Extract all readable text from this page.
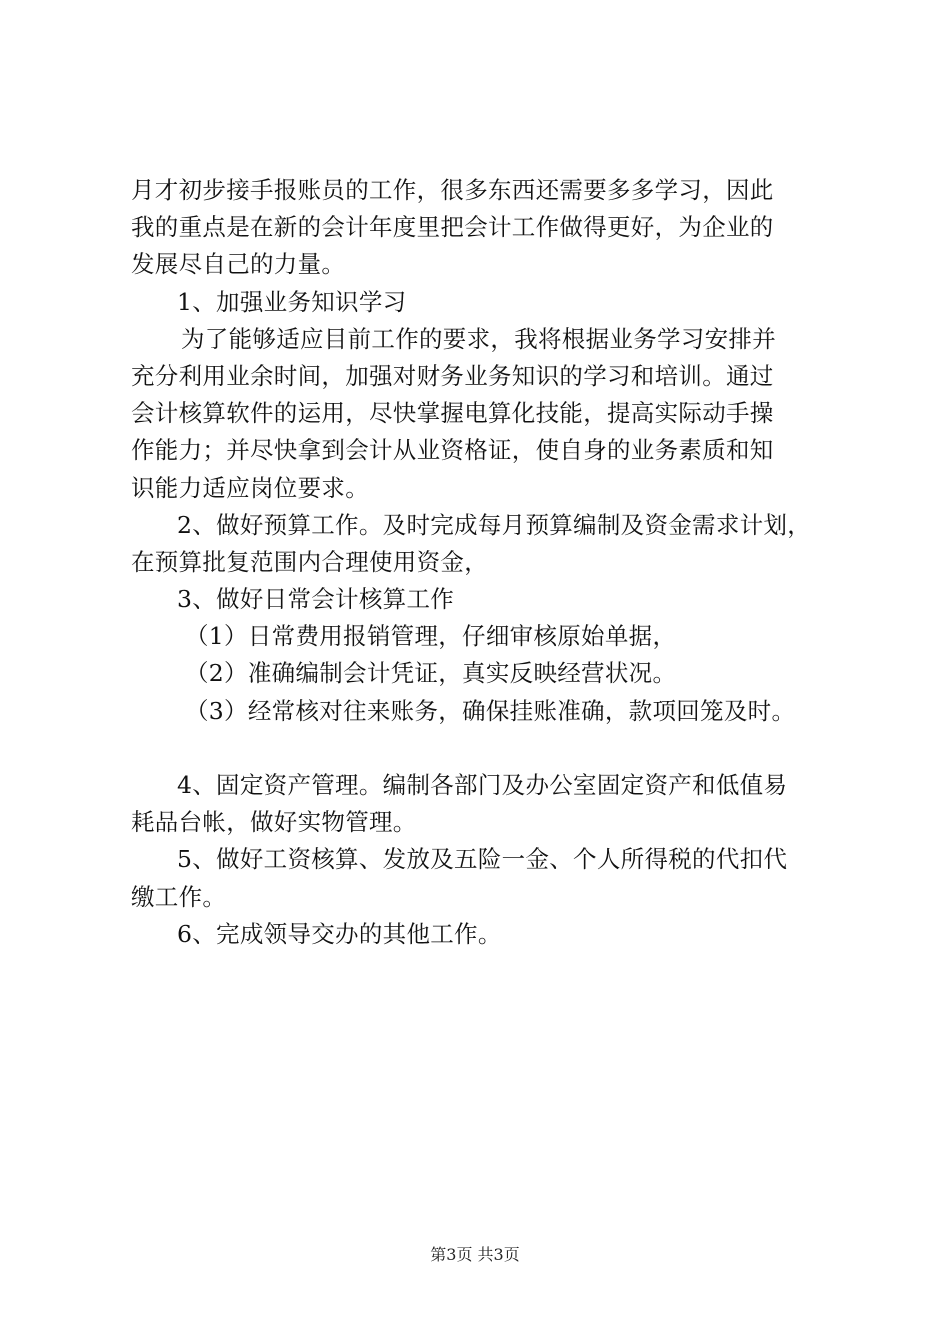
月才初步接手报账员的工作，很多东西还需要多多学习，因此
我的重点是在新的会计年度里把会计工作做得更好，为企业的
发展尽自己的力量。
1、加强业务知识学习
为了能够适应目前工作的要求，我将根据业务学习安排并
充分利用业余时间，加强对财务业务知识的学习和培训。通过
会计核算软件的运用，尽快掌握电算化技能，提高实际动手操
作能力；并尽快拿到会计从业资格证，使自身的业务素质和知
识能力适应岗位要求。
2、做好预算工作。及时完成每月预算编制及资金需求计划，
在预算批复范围内合理使用资金，
3、做好日常会计核算工作
（1）日常费用报销管理，仔细审核原始单据，
（2）准确编制会计凭证，真实反映经营状况。
（3）经常核对往来账务，确保挂账准确，款项回笼及时。
4、固定资产管理。编制各部门及办公室固定资产和低值易
耗品台帐，做好实物管理。
5、做好工资核算、发放及五险一金、个人所得税的代扣代
缴工作。
6、完成领导交办的其他工作。
第3页 共3页
